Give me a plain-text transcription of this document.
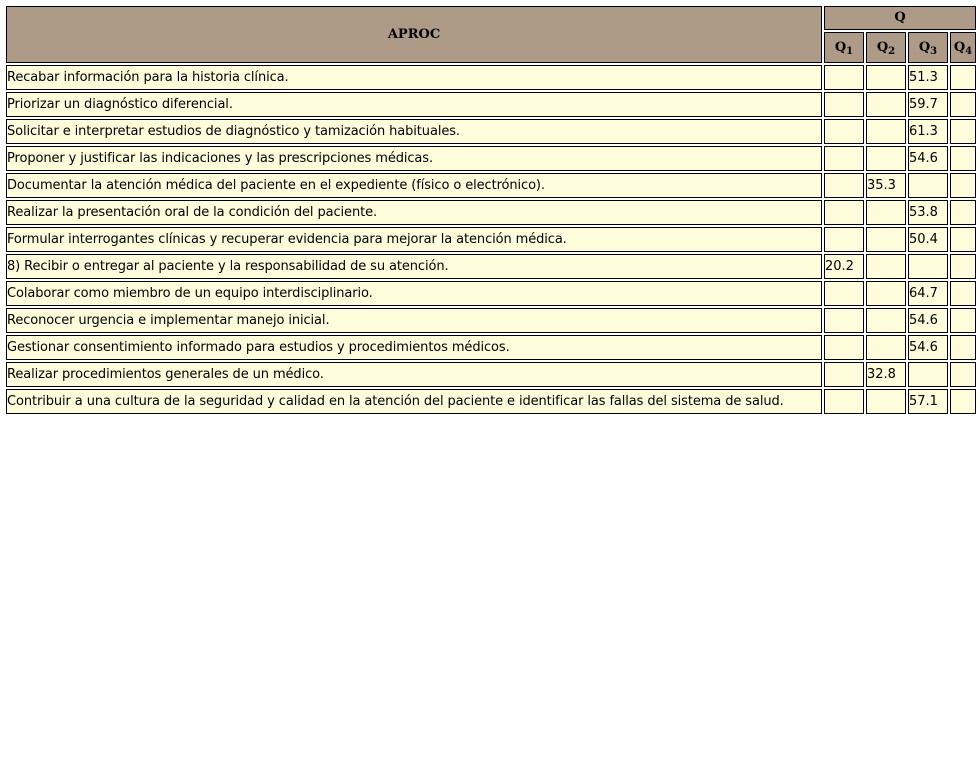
APROC	Q			
	$Q_1$	$Q_2$	$Q_3$	$Q_4$
Recabar información para la historia clínica.			51.3	
Priorizar un diagnóstico diferencial.			59.7	
Solicitar e interpretar estudios de diagnóstico y tamización habituales.			61.3	
Proponer y justificar las indicaciones y las prescripciones médicas.			54.6	
Documentar la atención médica del paciente en el expediente (físico o electrónico).		35.3		
Realizar la presentación oral de la condición del paciente.			53.8	
Formular interrogantes clínicas y recuperar evidencia para mejorar la atención médica.			50.4	
8) Recibir o entregar al paciente y la responsabilidad de su atención.	20.2			
Colaborar como miembro de un equipo interdisciplinario.			64.7	
Reconocer urgencia e implementar manejo inicial.			54.6	
Gestionar consentimiento informado para estudios y procedimientos médicos.			54.6	
Realizar procedimientos generales de un médico.		32.8		
Contribuir a una cultura de la seguridad y calidad en la atención del paciente e identificar las fallas del sistema de salud.			57.1	
